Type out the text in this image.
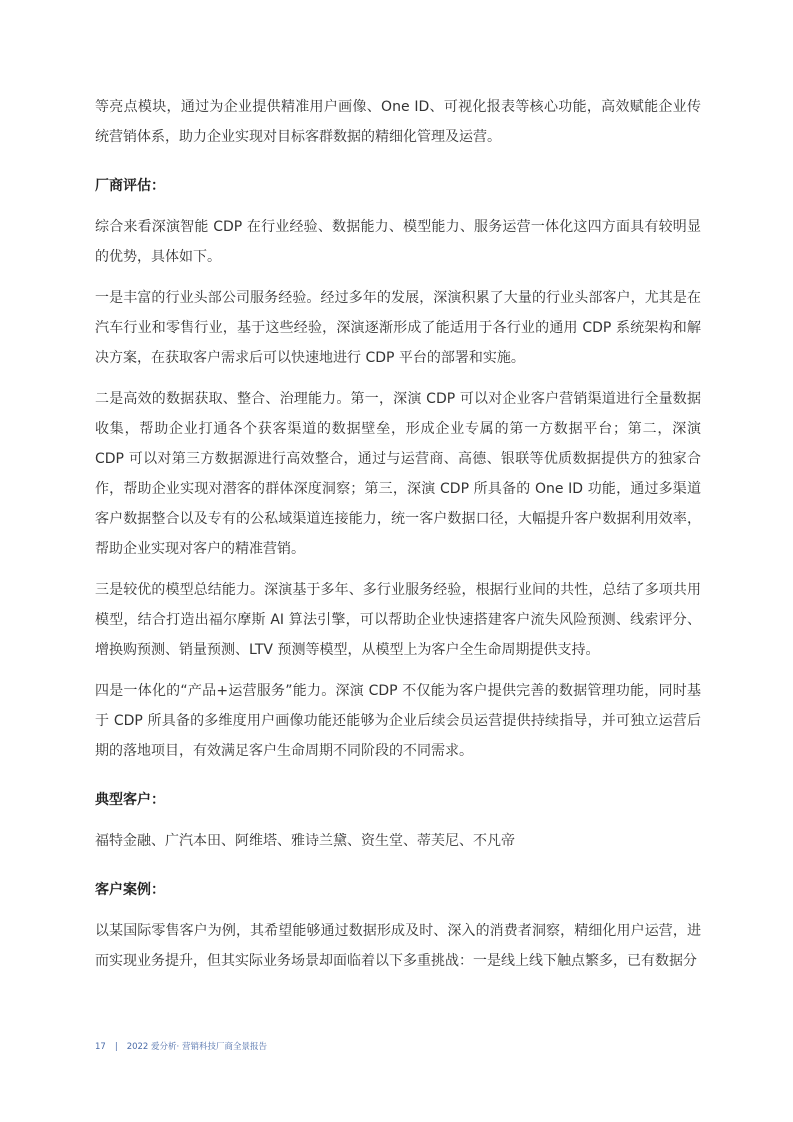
等亮点模块，通过为企业提供精准用户画像、One ID、可视化报表等核心功能，高效赋能企业传统营销体系，助力企业实现对目标客群数据的精细化管理及运营。

厂商评估：

综合来看深演智能 CDP 在行业经验、数据能力、模型能力、服务运营一体化这四方面具有较明显的优势，具体如下。

一是丰富的行业头部公司服务经验。经过多年的发展，深演积累了大量的行业头部客户，尤其是在汽车行业和零售行业，基于这些经验，深演逐渐形成了能适用于各行业的通用 CDP 系统架构和解决方案，在获取客户需求后可以快速地进行 CDP 平台的部署和实施。

二是高效的数据获取、整合、治理能力。第一，深演 CDP 可以对企业客户营销渠道进行全量数据收集，帮助企业打通各个获客渠道的数据壁垒，形成企业专属的第一方数据平台；第二，深演 CDP 可以对第三方数据源进行高效整合，通过与运营商、高德、银联等优质数据提供方的独家合作，帮助企业实现对潜客的群体深度洞察；第三，深演 CDP 所具备的 One ID 功能，通过多渠道客户数据整合以及专有的公私域渠道连接能力，统一客户数据口径，大幅提升客户数据利用效率，帮助企业实现对客户的精准营销。

三是较优的模型总结能力。深演基于多年、多行业服务经验，根据行业间的共性，总结了多项共用模型，结合打造出福尔摩斯 AI 算法引擎，可以帮助企业快速搭建客户流失风险预测、线索评分、增换购预测、销量预测、LTV 预测等模型，从模型上为客户全生命周期提供支持。

四是一体化的“产品+运营服务”能力。深演 CDP 不仅能为客户提供完善的数据管理功能，同时基于 CDP 所具备的多维度用户画像功能还能够为企业后续会员运营提供持续指导，并可独立运营后期的落地项目，有效满足客户生命周期不同阶段的不同需求。

典型客户：

福特金融、广汽本田、阿维塔、雅诗兰黛、资生堂、蒂芙尼、不凡帝

客户案例：

以某国际零售客户为例，其希望能够通过数据形成及时、深入的消费者洞察，精细化用户运营，进而实现业务提升，但其实际业务场景却面临着以下多重挑战：一是线上线下触点繁多，已有数据分

17 | 2022 爱分析· 营销科技厂商全景报告
